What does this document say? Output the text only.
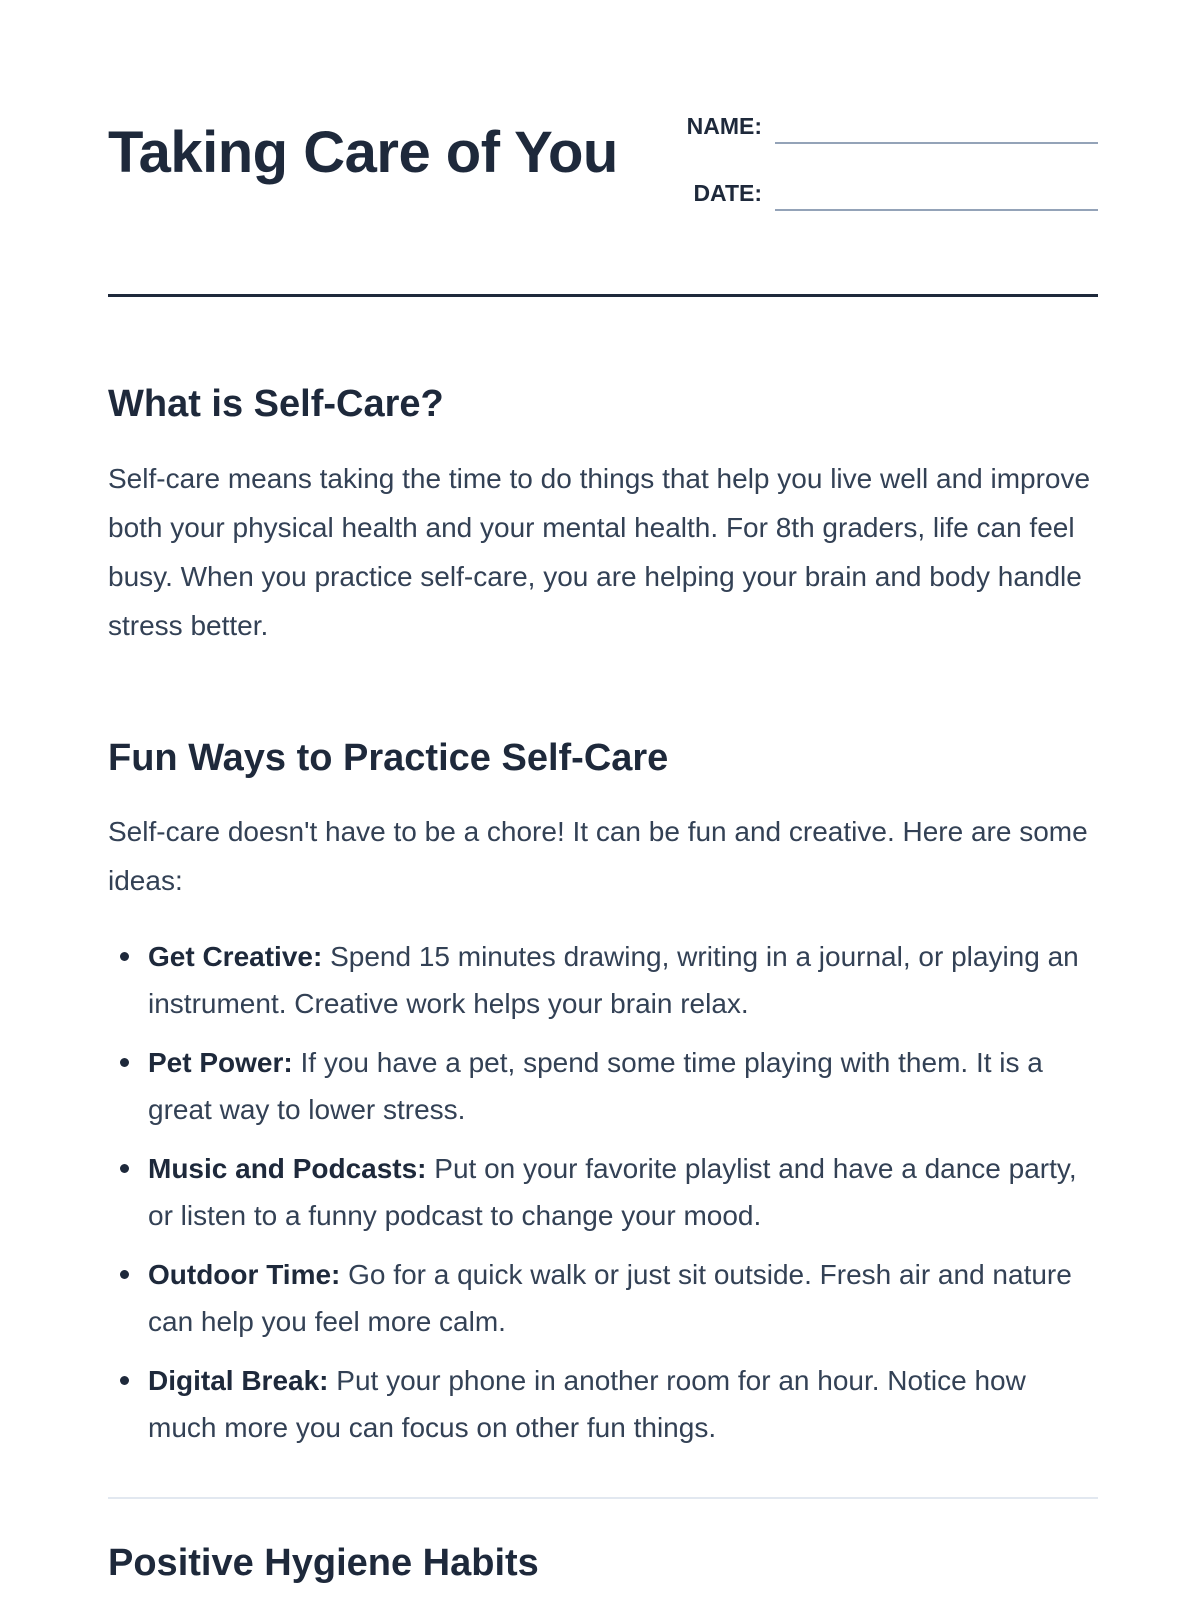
Taking Care of You	NAME:
DATE:
What is Self-Care?

Self-care means taking the time to do things that help you live well and improve both your physical health and your mental health. For 8th graders, life can feel busy. When you practice self-care, you are helping your brain and body handle stress better.

Fun Ways to Practice Self-Care

Self-care doesn't have to be a chore! It can be fun and creative. Here are some ideas:

Get Creative: Spend 15 minutes drawing, writing in a journal, or playing an instrument. Creative work helps your brain relax.
Pet Power: If you have a pet, spend some time playing with them. It is a great way to lower stress.
Music and Podcasts: Put on your favorite playlist and have a dance party, or listen to a funny podcast to change your mood.
Outdoor Time: Go for a quick walk or just sit outside. Fresh air and nature can help you feel more calm.
Digital Break: Put your phone in another room for an hour. Notice how much more you can focus on other fun things.
Positive Hygiene Habits
